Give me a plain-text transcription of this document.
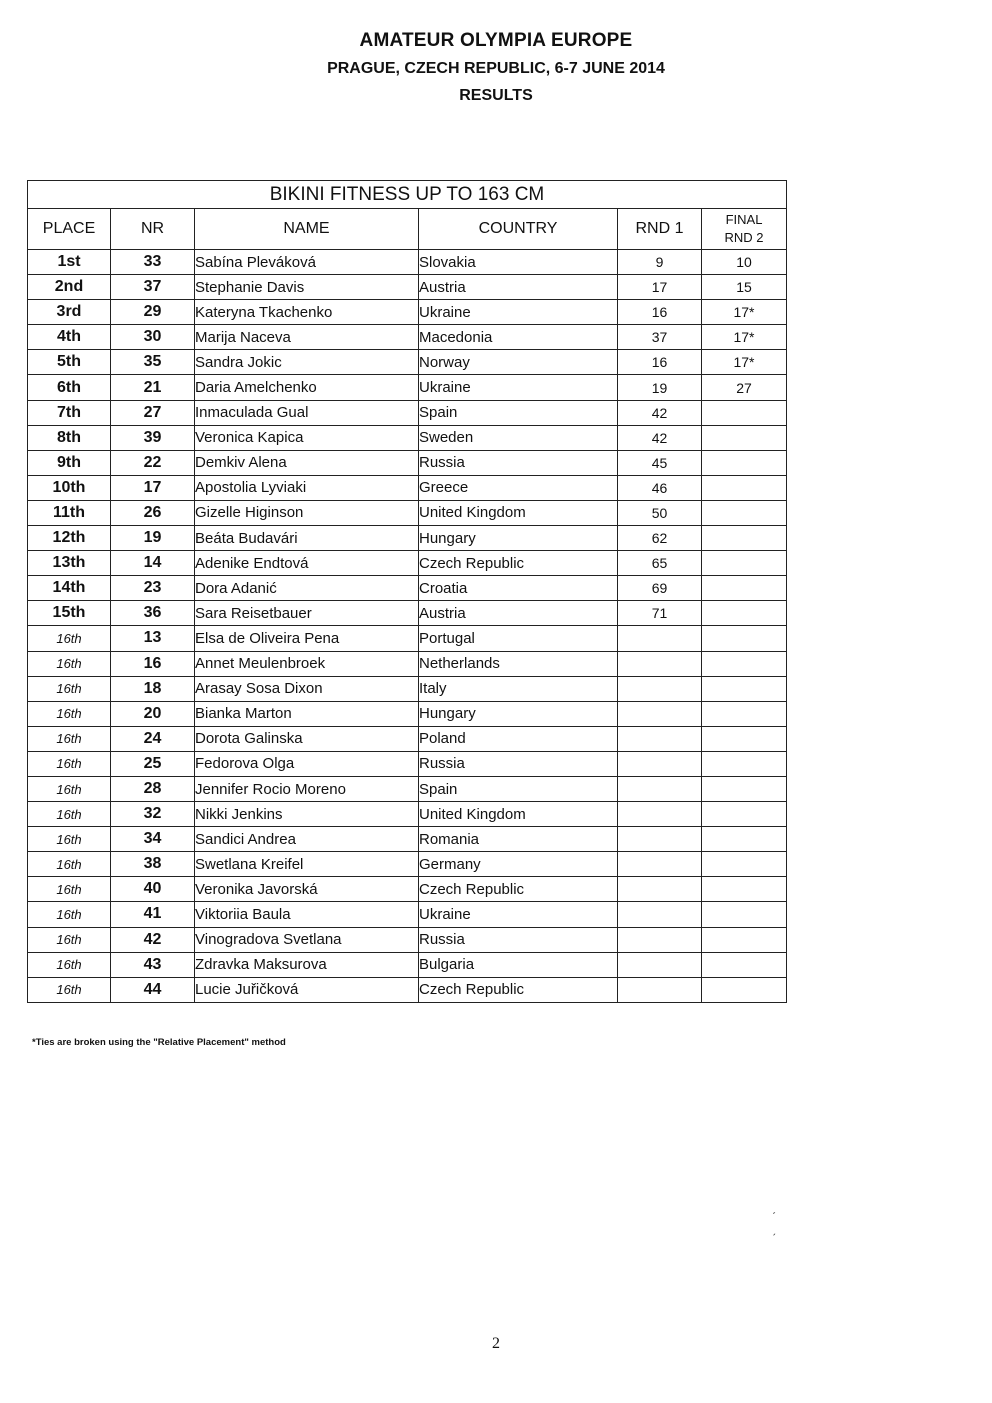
AMATEUR OLYMPIA EUROPE
PRAGUE, CZECH REPUBLIC, 6-7 JUNE 2014
RESULTS
BIKINI FITNESS UP TO 163 CM					
PLACE	NR	NAME	COUNTRY	RND 1	FINAL
RND 2
1st	33	Sabína Pleváková	Slovakia	9	10
2nd	37	Stephanie Davis	Austria	17	15
3rd	29	Kateryna Tkachenko	Ukraine	16	17*
4th	30	Marija Naceva	Macedonia	37	17*
5th	35	Sandra Jokic	Norway	16	17*
6th	21	Daria Amelchenko	Ukraine	19	27
7th	27	Inmaculada Gual	Spain	42	
8th	39	Veronica Kapica	Sweden	42	
9th	22	Demkiv Alena	Russia	45	
10th	17	Apostolia Lyviaki	Greece	46	
11th	26	Gizelle Higinson	United Kingdom	50	
12th	19	Beáta Budavári	Hungary	62	
13th	14	Adenike Endtová	Czech Republic	65	
14th	23	Dora Adanić	Croatia	69	
15th	36	Sara Reisetbauer	Austria	71	
16th	13	Elsa de Oliveira Pena	Portugal		
16th	16	Annet Meulenbroek	Netherlands		
16th	18	Arasay Sosa Dixon	Italy		
16th	20	Bianka Marton	Hungary		
16th	24	Dorota Galinska	Poland		
16th	25	Fedorova Olga	Russia		
16th	28	Jennifer Rocio Moreno	Spain		
16th	32	Nikki Jenkins	United Kingdom		
16th	34	Sandici Andrea	Romania		
16th	38	Swetlana Kreifel	Germany		
16th	40	Veronika Javorská	Czech Republic		
16th	41	Viktoriia Baula	Ukraine		
16th	42	Vinogradova Svetlana	Russia		
16th	43	Zdravka Maksurova	Bulgaria		
16th	44	Lucie Juřičková	Czech Republic		
*Ties are broken using the "Relative Placement" method
2
ˊ
ˏ
